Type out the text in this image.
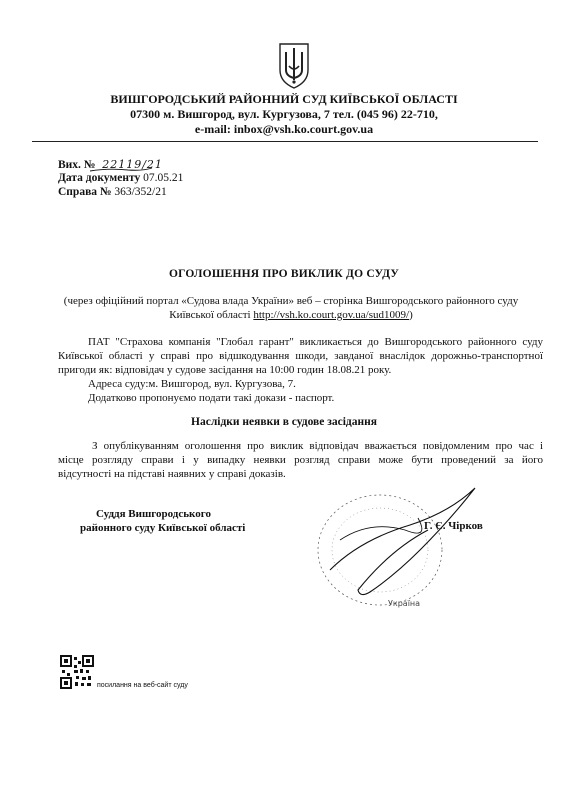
ВИШГОРОДСЬКИЙ РАЙОННИЙ СУД КИЇВСЬКОЇ ОБЛАСТІ
07300 м. Вишгород, вул. Кургузова, 7 тел. (045 96) 22-710,
e-mail: inbox@vsh.ko.court.gov.ua
Вих. № 22119/21
Дата документу 07.05.21
Справа № 363/352/21
ОГОЛОШЕННЯ ПРО ВИКЛИК ДО СУДУ
(через офіційний портал «Судова влада України» веб – сторінка Вишгородського районного суду
Київської області http://vsh.ko.court.gov.ua/sud1009/)
ПАТ "Страхова компанія "Глобал гарант" викликається до Вишгородського районного суду
Київської області у справі про відшкодування шкоди, завданої внаслідок дорожньо-транспортної
пригоди як: відповідач у судове засідання на 10:00 годин 18.08.21 року.
Адреса суду:м. Вишгород, вул. Кургузова, 7.
Додатково пропонуємо подати такі докази - паспорт.
Наслідки неявки в судове засідання
З опублікуванням оголошення про виклик відповідач вважається повідомленим про час і
місце розгляду справи і у випадку неявки розгляд справи може бути проведений за його
відсутності на підставі наявних у справі доказів.
Суддя Вишгородського
районного суду Київської області	Г. Є. Чірков
Україна
посилання на веб-сайт суду
